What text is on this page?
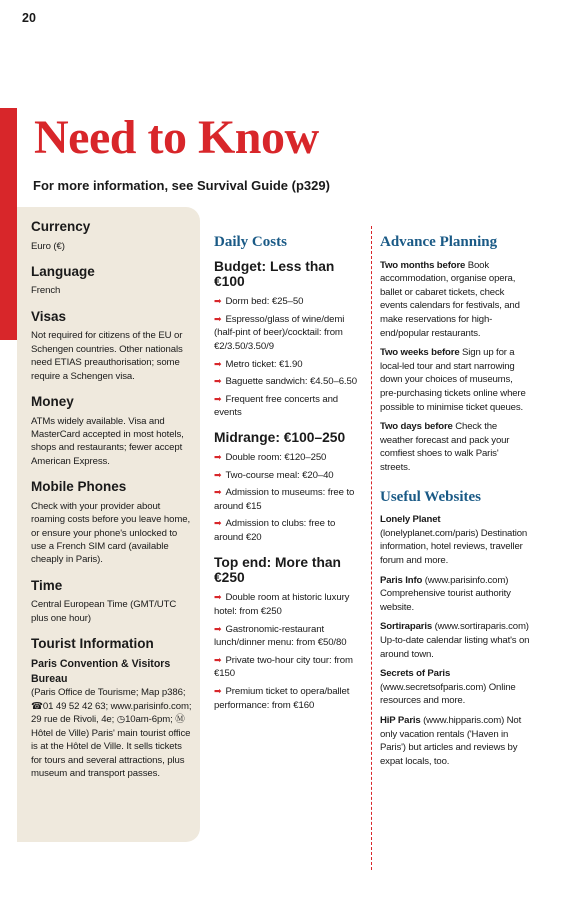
20
Need to Know

For more information, see Survival Guide (p329)

Currency

Euro (€)

Language

French

Visas

Not required for citizens of the EU or Schengen countries. Other nationals need ETIAS preauthorisation; some require a Schengen visa.

Money

ATMs widely available. Visa and MasterCard accepted in most hotels, shops and restaurants; fewer accept American Express.

Mobile Phones

Check with your provider about roaming costs before you leave home, or ensure your phone's unlocked to use a French SIM card (available cheaply in Paris).

Time

Central European Time (GMT/UTC plus one hour)

Tourist Information

Paris Convention & Visitors Bureau

(Paris Office de Tourisme; Map p386; ☎01 49 52 42 63; www.parisinfo.com; 29 rue de Rivoli, 4e; ◷10am-6pm; Ⓜ Hôtel de Ville) Paris' main tourist office is at the Hôtel de Ville. It sells tickets for tours and several attractions, plus museum and transport passes.

Daily Costs
Budget: Less than €100
➡ Dorm bed: €25–50
➡ Espresso/glass of wine/demi (half-pint of beer)/cocktail: from €2/3.50/3.50/9
➡ Metro ticket: €1.90
➡ Baguette sandwich: €4.50–6.50
➡ Frequent free concerts and events
Midrange: €100–250
➡ Double room: €120–250
➡ Two-course meal: €20–40
➡ Admission to museums: free to around €15
➡ Admission to clubs: free to around €20
Top end: More than €250
➡ Double room at historic luxury hotel: from €250
➡ Gastronomic-restaurant lunch/dinner menu: from €50/80
➡ Private two-hour city tour: from €150
➡ Premium ticket to opera/ballet performance: from €160
Advance Planning

Two months before Book accommodation, organise opera, ballet or cabaret tickets, check events calendars for festivals, and make reservations for high-end/popular restaurants.

Two weeks before Sign up for a local-led tour and start narrowing down your choices of museums, pre-purchasing tickets online where possible to minimise ticket queues.

Two days before Check the weather forecast and pack your comfiest shoes to walk Paris' streets.

Useful Websites

Lonely Planet (lonelyplanet.com/paris) Destination information, hotel reviews, traveller forum and more.

Paris Info (www.parisinfo.com) Comprehensive tourist authority website.

Sortiraparis (www.sortiraparis.com) Up-to-date calendar listing what's on around town.

Secrets of Paris (www.secretsofparis.com) Online resources and more.

HiP Paris (www.hipparis.com) Not only vacation rentals ('Haven in Paris') but articles and reviews by expat locals, too.
